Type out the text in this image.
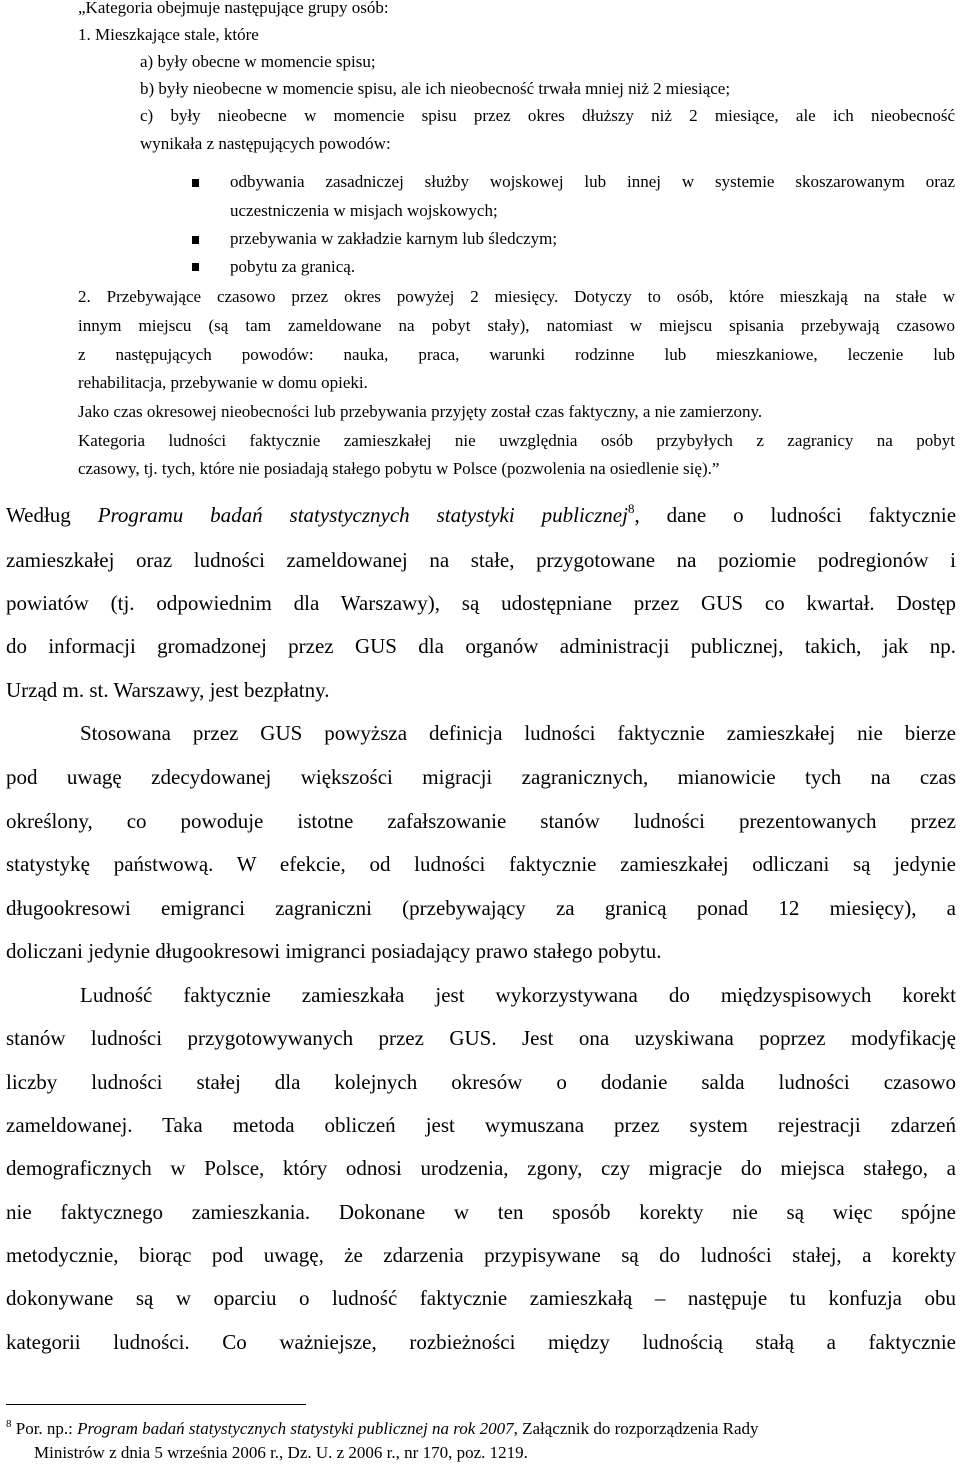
„Kategoria obejmuje następujące grupy osób:
1. Mieszkające stale, które
a) były obecne w momencie spisu;
b) były nieobecne w momencie spisu, ale ich nieobecność trwała mniej niż 2 miesiące;
c) były nieobecne w momencie spisu przez okres dłuższy niż 2 miesiące, ale ich nieobecność
wynikała z następujących powodów:
odbywania zasadniczej służby wojskowej lub innej w systemie skoszarowanym oraz
uczestniczenia w misjach wojskowych;
przebywania w zakładzie karnym lub śledczym;
pobytu za granicą.
2. Przebywające czasowo przez okres powyżej 2 miesięcy. Dotyczy to osób, które mieszkają na stałe w
innym miejscu (są tam zameldowane na pobyt stały), natomiast w miejscu spisania przebywają czasowo
z następujących powodów: nauka, praca, warunki rodzinne lub mieszkaniowe, leczenie lub
rehabilitacja, przebywanie w domu opieki.
Jako czas okresowej nieobecności lub przebywania przyjęty został czas faktyczny, a nie zamierzony.
Kategoria ludności faktycznie zamieszkałej nie uwzględnia osób przybyłych z zagranicy na pobyt
czasowy, tj. tych, które nie posiadają stałego pobytu w Polsce (pozwolenia na osiedlenie się).”
Według Programu badań statystycznych statystyki publicznej$^8$, dane o ludności faktycznie
zamieszkałej oraz ludności zameldowanej na stałe, przygotowane na poziomie podregionów i
powiatów (tj. odpowiednim dla Warszawy), są udostępniane przez GUS co kwartał. Dostęp
do informacji gromadzonej przez GUS dla organów administracji publicznej, takich, jak np.
Urząd m. st. Warszawy, jest bezpłatny.
Stosowana przez GUS powyższa definicja ludności faktycznie zamieszkałej nie bierze
pod uwagę zdecydowanej większości migracji zagranicznych, mianowicie tych na czas
określony, co powoduje istotne zafałszowanie stanów ludności prezentowanych przez
statystykę państwową. W efekcie, od ludności faktycznie zamieszkałej odliczani są jedynie
długookresowi emigranci zagraniczni (przebywający za granicą ponad 12 miesięcy), a
doliczani jedynie długookresowi imigranci posiadający prawo stałego pobytu.
Ludność faktycznie zamieszkała jest wykorzystywana do międzyspisowych korekt
stanów ludności przygotowywanych przez GUS. Jest ona uzyskiwana poprzez modyfikację
liczby ludności stałej dla kolejnych okresów o dodanie salda ludności czasowo
zameldowanej. Taka metoda obliczeń jest wymuszana przez system rejestracji zdarzeń
demograficznych w Polsce, który odnosi urodzenia, zgony, czy migracje do miejsca stałego, a
nie faktycznego zamieszkania. Dokonane w ten sposób korekty nie są więc spójne
metodycznie, biorąc pod uwagę, że zdarzenia przypisywane są do ludności stałej, a korekty
dokonywane są w oparciu o ludność faktycznie zamieszkałą – następuje tu konfuzja obu
kategorii ludności. Co ważniejsze, rozbieżności między ludnością stałą a faktycznie
$^8$ Por. np.: Program badań statystycznych statystyki publicznej na rok 2007, Załącznik do rozporządzenia Rady
Ministrów z dnia 5 września 2006 r., Dz. U. z 2006 r., nr 170, poz. 1219.
